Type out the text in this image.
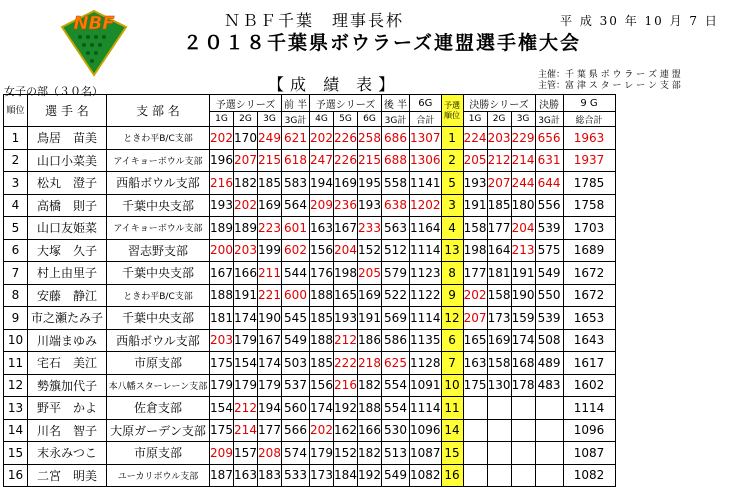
NBF	ＮＢＦ千葉　理事長杯
２０１８千葉県ボウラーズ連盟選手権大会
平 成 30 年 10 月 7 日
女子の部（３０名）	【成 績 表】	主催：千 葉 県 ボ ウ ラ ー ズ 連 盟
主管：富 津 ス タ ー レ ー ン 支 部
順位	選 手 名	支 部 名	予選シリーズ			前 半	予選シリーズ			後 半	6G	予選順位	決勝シリーズ			決勝	9 G
			1G	2G	3G	3G計	4G	5G	6G	3G計	合計		1G	2G	3G	3G計	総合計
1	鳥居　苗美	ときわ平B/C支部	202	170	249	621	202	226	258	686	1307	1	224	203	229	656	1963
2	山口小菜美	アイキョーボウル支部	196	207	215	618	247	226	215	688	1306	2	205	212	214	631	1937
3	松丸　澄子	西船ボウル支部	216	182	185	583	194	169	195	558	1141	5	193	207	244	644	1785
4	高橋　則子	千葉中央支部	193	202	169	564	209	236	193	638	1202	3	191	185	180	556	1758
5	山口友姫菜	アイキョーボウル支部	189	189	223	601	163	167	233	563	1164	4	158	177	204	539	1703
6	大塚　久子	習志野支部	200	203	199	602	156	204	152	512	1114	13	198	164	213	575	1689
7	村上由里子	千葉中央支部	167	166	211	544	176	198	205	579	1123	8	177	181	191	549	1672
8	安藤　静江	ときわ平B/C支部	188	191	221	600	188	165	169	522	1122	9	202	158	190	550	1672
9	市之瀬たみ子	千葉中央支部	181	174	190	545	185	193	191	569	1114	12	207	173	159	539	1653
10	川端まゆみ	西船ボウル支部	203	179	167	549	188	212	186	586	1135	6	165	169	174	508	1643
11	宅石　美江	市原支部	175	154	174	503	185	222	218	625	1128	7	163	158	168	489	1617
12	勢籏加代子	本八幡スターレーン支部	179	179	179	537	156	216	182	554	1091	10	175	130	178	483	1602
13	野平　かよ	佐倉支部	154	212	194	560	174	192	188	554	1114	11					1114
14	川名　智子	大原ガーデン支部	175	214	177	566	202	162	166	530	1096	14					1096
15	末永みつこ	市原支部	209	157	208	574	179	152	182	513	1087	15					1087
16	二宮　明美	ユーカリボウル支部	187	163	183	533	173	184	192	549	1082	16					1082
